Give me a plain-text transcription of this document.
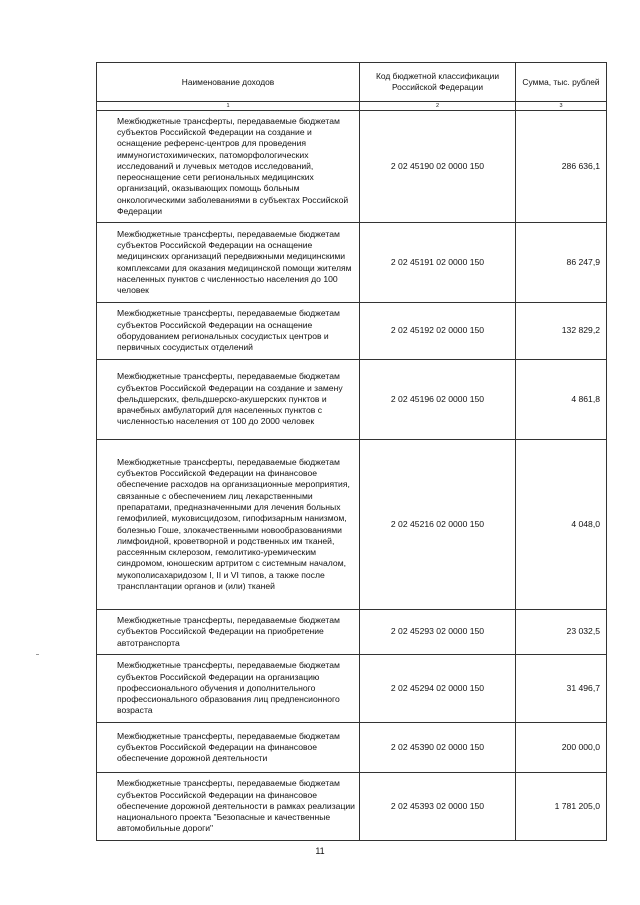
Наименование доходов	Код бюджетной классификации Российской Федерации	Сумма, тыс. рублей
1	2	3
Межбюджетные трансферты, передаваемые бюджетам субъектов Российской Федерации на создание и оснащение референс-центров для проведения иммуногистохимических, патоморфологических исследований и лучевых методов исследований, переоснащение сети региональных медицинских организаций, оказывающих помощь больным онкологическими заболеваниями в субъектах Российской Федерации	2 02 45190 02 0000 150	286 636,1
Межбюджетные трансферты, передаваемые бюджетам субъектов Российской Федерации на оснащение медицинских организаций передвижными медицинскими комплексами для оказания медицинской помощи жителям населенных пунктов с численностью населения до 100 человек	2 02 45191 02 0000 150	86 247,9
Межбюджетные трансферты, передаваемые бюджетам субъектов Российской Федерации на оснащение оборудованием региональных сосудистых центров и первичных сосудистых отделений	2 02 45192 02 0000 150	132 829,2
Межбюджетные трансферты, передаваемые бюджетам субъектов Российской Федерации на создание и замену фельдшерских, фельдшерско-акушерских пунктов и врачебных амбулаторий для населенных пунктов с численностью населения от 100 до 2000 человек	2 02 45196 02 0000 150	4 861,8
Межбюджетные трансферты, передаваемые бюджетам субъектов Российской Федерации на финансовое обеспечение расходов на организационные мероприятия, связанные с обеспечением лиц лекарственными препаратами, предназначенными для лечения больных гемофилией, муковисцидозом, гипофизарным нанизмом, болезнью Гоше, злокачественными новообразованиями лимфоидной, кроветворной и родственных им тканей, рассеянным склерозом, гемолитико-уремическим синдромом, юношеским артритом с системным началом, мукополисахаридозом I, II и VI типов, а также после трансплантации органов и (или) тканей	2 02 45216 02 0000 150	4 048,0
Межбюджетные трансферты, передаваемые бюджетам субъектов Российской Федерации на приобретение автотранспорта	2 02 45293 02 0000 150	23 032,5
Межбюджетные трансферты, передаваемые бюджетам субъектов Российской Федерации на организацию профессионального обучения и дополнительного профессионального образования лиц предпенсионного возраста	2 02 45294 02 0000 150	31 496,7
Межбюджетные трансферты, передаваемые бюджетам субъектов Российской Федерации на финансовое обеспечение дорожной деятельности	2 02 45390 02 0000 150	200 000,0
Межбюджетные трансферты, передаваемые бюджетам субъектов Российской Федерации на финансовое обеспечение дорожной деятельности в рамках реализации национального проекта "Безопасные и качественные автомобильные дороги"	2 02 45393 02 0000 150	1 781 205,0
11
